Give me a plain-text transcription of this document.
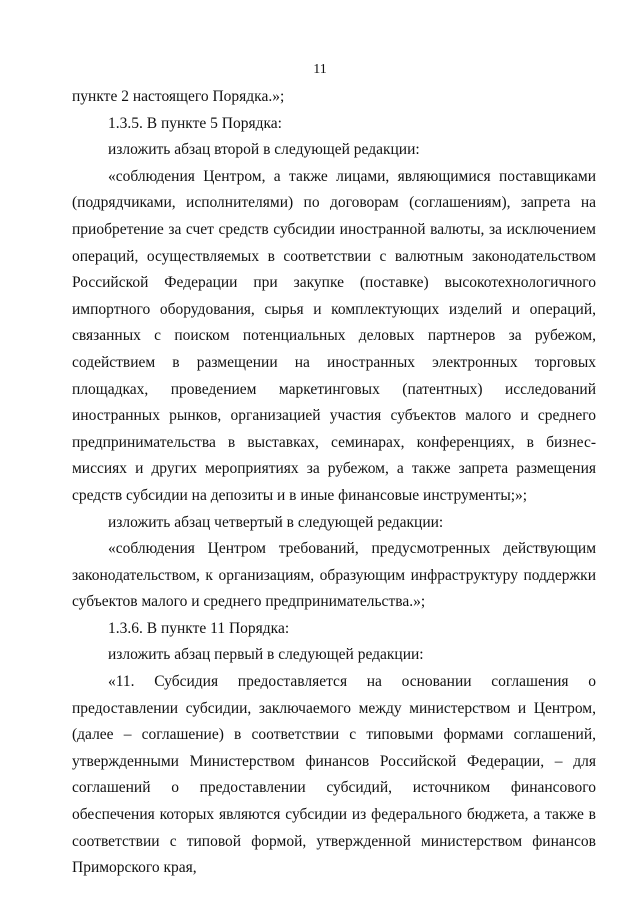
11

пункте 2 настоящего Порядка.»;

1.3.5. В пункте 5 Порядка:

изложить абзац второй в следующей редакции:

«соблюдения Центром, а также лицами, являющимися поставщиками (подрядчиками, исполнителями) по договорам (соглашениям), запрета на приобретение за счет средств субсидии иностранной валюты, за исключением операций, осуществляемых в соответствии с валютным законодательством Российской Федерации при закупке (поставке) высокотехнологичного импортного оборудования, сырья и комплектующих изделий и операций, связанных с поиском потенциальных деловых партнеров за рубежом, содействием в размещении на иностранных электронных торговых площадках, проведением маркетинговых (патентных) исследований иностранных рынков, организацией участия субъектов малого и среднего предпринимательства в выставках, семинарах, конференциях, в бизнес-миссиях и других мероприятиях за рубежом, а также запрета размещения средств субсидии на депозиты и в иные финансовые инструменты;»;

изложить абзац четвертый в следующей редакции:

«соблюдения Центром требований, предусмотренных действующим законодательством, к организациям, образующим инфраструктуру поддержки субъектов малого и среднего предпринимательства.»;

1.3.6. В пункте 11 Порядка:

изложить абзац первый в следующей редакции:

«11. Субсидия предоставляется на основании соглашения о предоставлении субсидии, заключаемого между министерством и Центром, (далее – соглашение) в соответствии с типовыми формами соглашений, утвержденными Министерством финансов Российской Федерации, – для соглашений о предоставлении субсидий, источником финансового обеспечения которых являются субсидии из федерального бюджета, а также в соответствии с типовой формой, утвержденной министерством финансов Приморского края,
